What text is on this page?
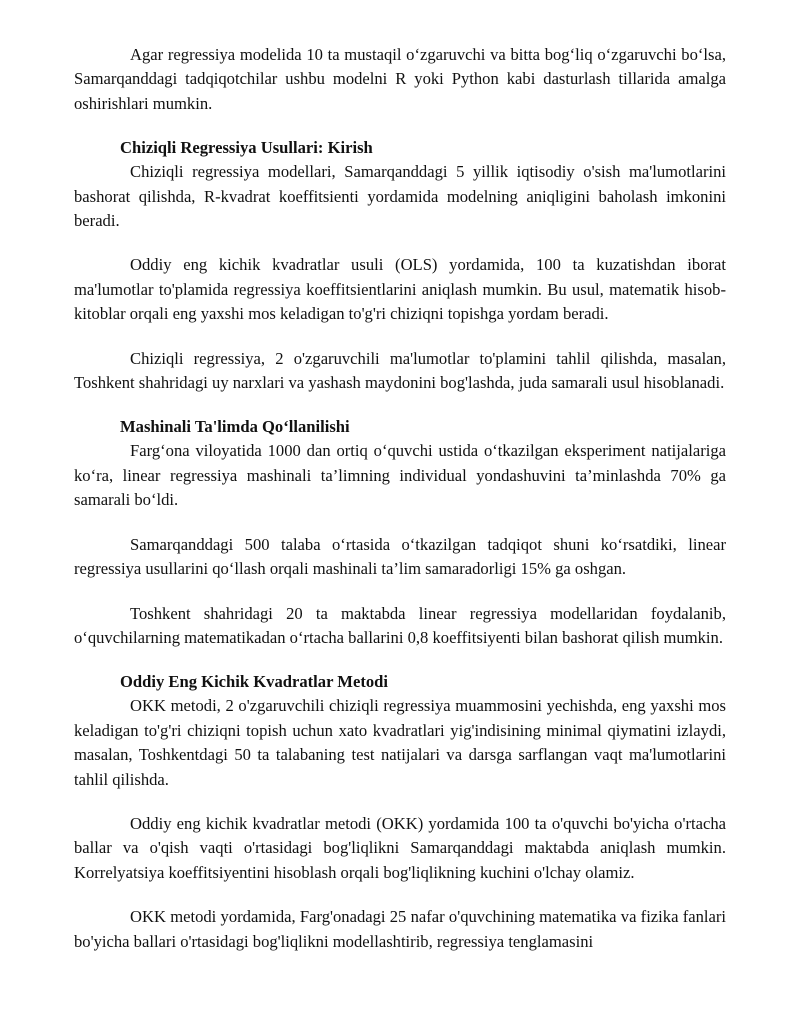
Agar regressiya modelida 10 ta mustaqil o‘zgaruvchi va bitta bog‘liq o‘zgaruvchi bo‘lsa, Samarqanddagi tadqiqotchilar ushbu modelni R yoki Python kabi dasturlash tillarida amalga oshirishlari mumkin.

Chiziqli Regressiya Usullari: Kirish

Chiziqli regressiya modellari, Samarqanddagi 5 yillik iqtisodiy o'sish ma'lumotlarini bashorat qilishda, R-kvadrat koeffitsienti yordamida modelning aniqligini baholash imkonini beradi.

Oddiy eng kichik kvadratlar usuli (OLS) yordamida, 100 ta kuzatishdan iborat ma'lumotlar to'plamida regressiya koeffitsientlarini aniqlash mumkin. Bu usul, matematik hisob-kitoblar orqali eng yaxshi mos keladigan to'g'ri chiziqni topishga yordam beradi.

Chiziqli regressiya, 2 o'zgaruvchili ma'lumotlar to'plamini tahlil qilishda, masalan, Toshkent shahridagi uy narxlari va yashash maydonini bog'lashda, juda samarali usul hisoblanadi.

Mashinali Ta'limda Qo‘llanilishi

Farg‘ona viloyatida 1000 dan ortiq o‘quvchi ustida o‘tkazilgan eksperiment natijalariga ko‘ra, linear regressiya mashinali ta’limning individual yondashuvini ta’minlashda 70% ga samarali bo‘ldi.

Samarqanddagi 500 talaba o‘rtasida o‘tkazilgan tadqiqot shuni ko‘rsatdiki, linear regressiya usullarini qo‘llash orqali mashinali ta’lim samaradorligi 15% ga oshgan.

Toshkent shahridagi 20 ta maktabda linear regressiya modellaridan foydalanib, o‘quvchilarning matematikadan o‘rtacha ballarini 0,8 koeffitsiyenti bilan bashorat qilish mumkin.

Oddiy Eng Kichik Kvadratlar Metodi

OKK metodi, 2 o'zgaruvchili chiziqli regressiya muammosini yechishda, eng yaxshi mos keladigan to'g'ri chiziqni topish uchun xato kvadratlari yig'indisining minimal qiymatini izlaydi, masalan, Toshkentdagi 50 ta talabaning test natijalari va darsga sarflangan vaqt ma'lumotlarini tahlil qilishda.

Oddiy eng kichik kvadratlar metodi (OKK) yordamida 100 ta o'quvchi bo'yicha o'rtacha ballar va o'qish vaqti o'rtasidagi bog'liqlikni Samarqanddagi maktabda aniqlash mumkin. Korrelyatsiya koeffitsiyentini hisoblash orqali bog'liqlikning kuchini o'lchay olamiz.

OKK metodi yordamida, Farg'onadagi 25 nafar o'quvchining matematika va fizika fanlari bo'yicha ballari o'rtasidagi bog'liqlikni modellashtirib, regressiya tenglamasini
